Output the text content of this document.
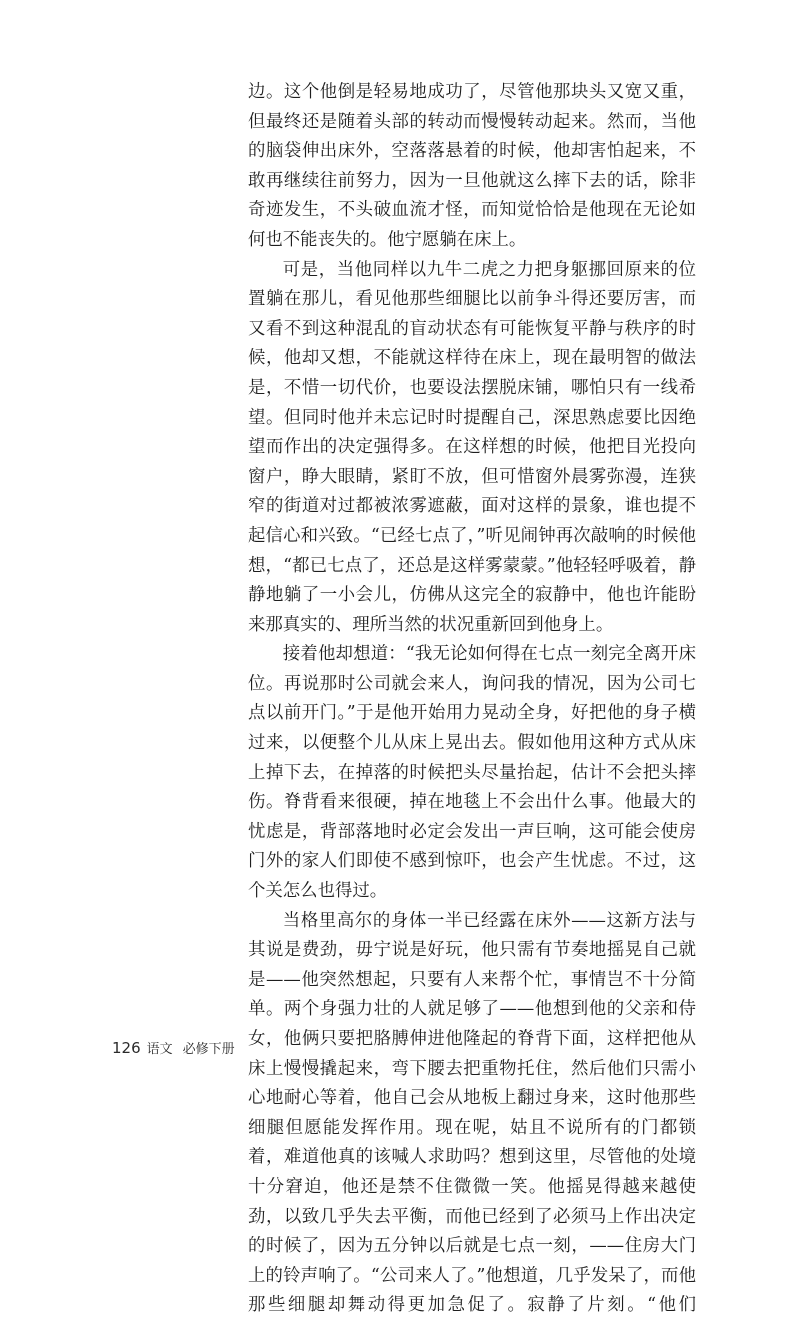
边。这个他倒是轻易地成功了，尽管他那块头又宽又重，但最终还是随着头部的转动而慢慢转动起来。然而，当他的脑袋伸出床外，空落落悬着的时候，他却害怕起来，不敢再继续往前努力，因为一旦他就这么摔下去的话，除非奇迹发生，不头破血流才怪，而知觉恰恰是他现在无论如何也不能丧失的。他宁愿躺在床上。

可是，当他同样以九牛二虎之力把身躯挪回原来的位置躺在那儿，看见他那些细腿比以前争斗得还要厉害，而又看不到这种混乱的盲动状态有可能恢复平静与秩序的时候，他却又想，不能就这样待在床上，现在最明智的做法是，不惜一切代价，也要设法摆脱床铺，哪怕只有一线希望。但同时他并未忘记时时提醒自己，深思熟虑要比因绝望而作出的决定强得多。在这样想的时候，他把目光投向窗户，睁大眼睛，紧盯不放，但可惜窗外晨雾弥漫，连狭窄的街道对过都被浓雾遮蔽，面对这样的景象，谁也提不起信心和兴致。“已经七点了，”听见闹钟再次敲响的时候他想，“都已七点了，还总是这样雾蒙蒙。”他轻轻呼吸着，静静地躺了一小会儿，仿佛从这完全的寂静中，他也许能盼来那真实的、理所当然的状况重新回到他身上。

接着他却想道：“我无论如何得在七点一刻完全离开床位。再说那时公司就会来人，询问我的情况，因为公司七点以前开门。”于是他开始用力晃动全身，好把他的身子横过来，以便整个儿从床上晃出去。假如他用这种方式从床上掉下去，在掉落的时候把头尽量抬起，估计不会把头摔伤。脊背看来很硬，掉在地毯上不会出什么事。他最大的忧虑是，背部落地时必定会发出一声巨响，这可能会使房门外的家人们即使不感到惊吓，也会产生忧虑。不过，这个关怎么也得过。

当格里高尔的身体一半已经露在床外——这新方法与其说是费劲，毋宁说是好玩，他只需有节奏地摇晃自己就是——他突然想起，只要有人来帮个忙，事情岂不十分简单。两个身强力壮的人就足够了——他想到他的父亲和侍女，他俩只要把胳膊伸进他隆起的脊背下面，这样把他从床上慢慢撬起来，弯下腰去把重物托住，然后他们只需小心地耐心等着，他自己会从地板上翻过身来，这时他那些细腿但愿能发挥作用。现在呢，姑且不说所有的门都锁着，难道他真的该喊人求助吗？想到这里，尽管他的处境十分窘迫，他还是禁不住微微一笑。他摇晃得越来越使劲，以致几乎失去平衡，而他已经到了必须马上作出决定的时候了，因为五分钟以后就是七点一刻，——住房大门上的铃声响了。“公司来人了。”他想道，几乎发呆了，而他那些细腿却舞动得更加急促了。寂静了片刻。“他们

126 语文 必修下册
